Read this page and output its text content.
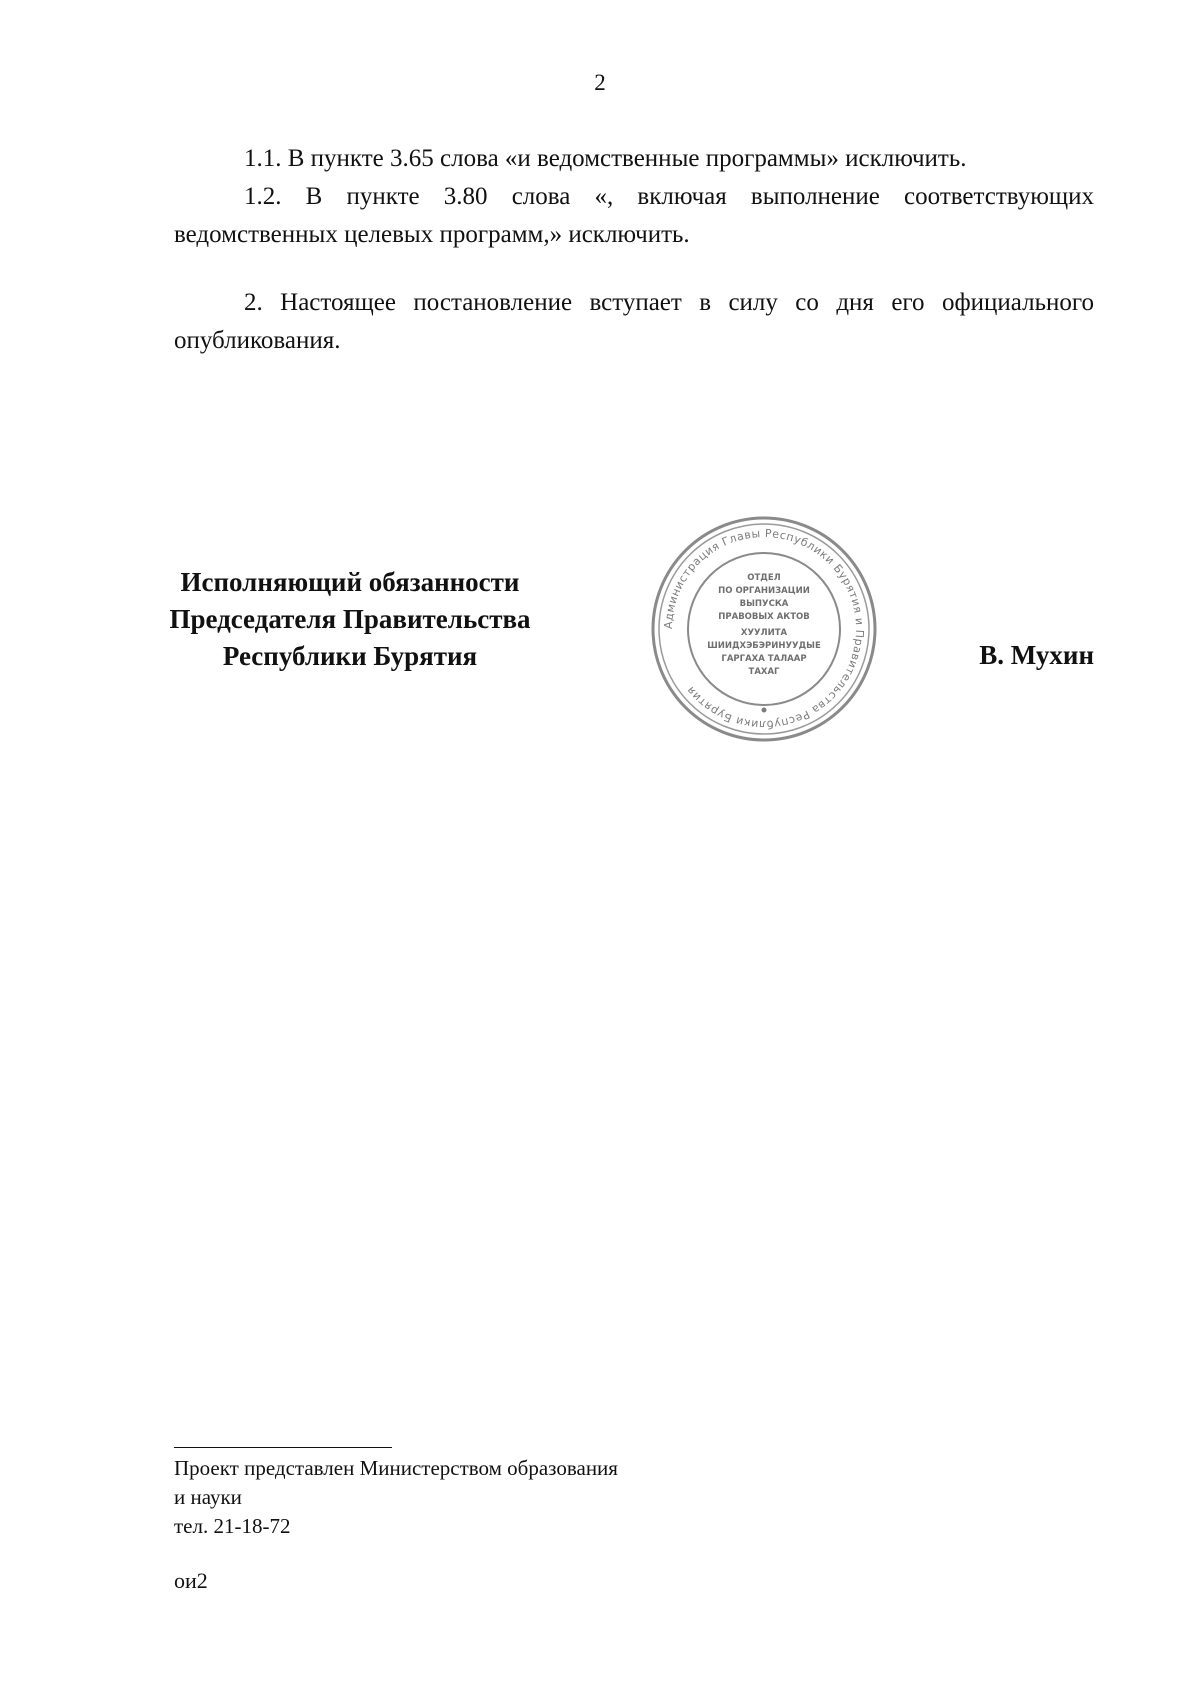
2

1.1. В пункте 3.65 слова «и ведомственные программы» исключить.

1.2. В пункте 3.80 слова «, включая выполнение соответствующих ведомственных целевых программ,» исключить.

2. Настоящее постановление вступает в силу со дня его официального опубликования.

Исполняющий обязанности
Председателя Правительства
Республики Бурятия
Администрация Главы Республики Бурятия и Правительства Республики Бурятия
ОТДЕЛ
ПО ОРГАНИЗАЦИИ
ВЫПУСКА
ПРАВОВЫХ АКТОВ
ХУУЛИТА
ШИИДХЭБЭРИНУУДЫЕ
ГАРГАХА ТАЛААР
ТАХАГ
В. Мухин
Проект представлен Министерством образования
и науки
тел. 21-18-72
ои2
